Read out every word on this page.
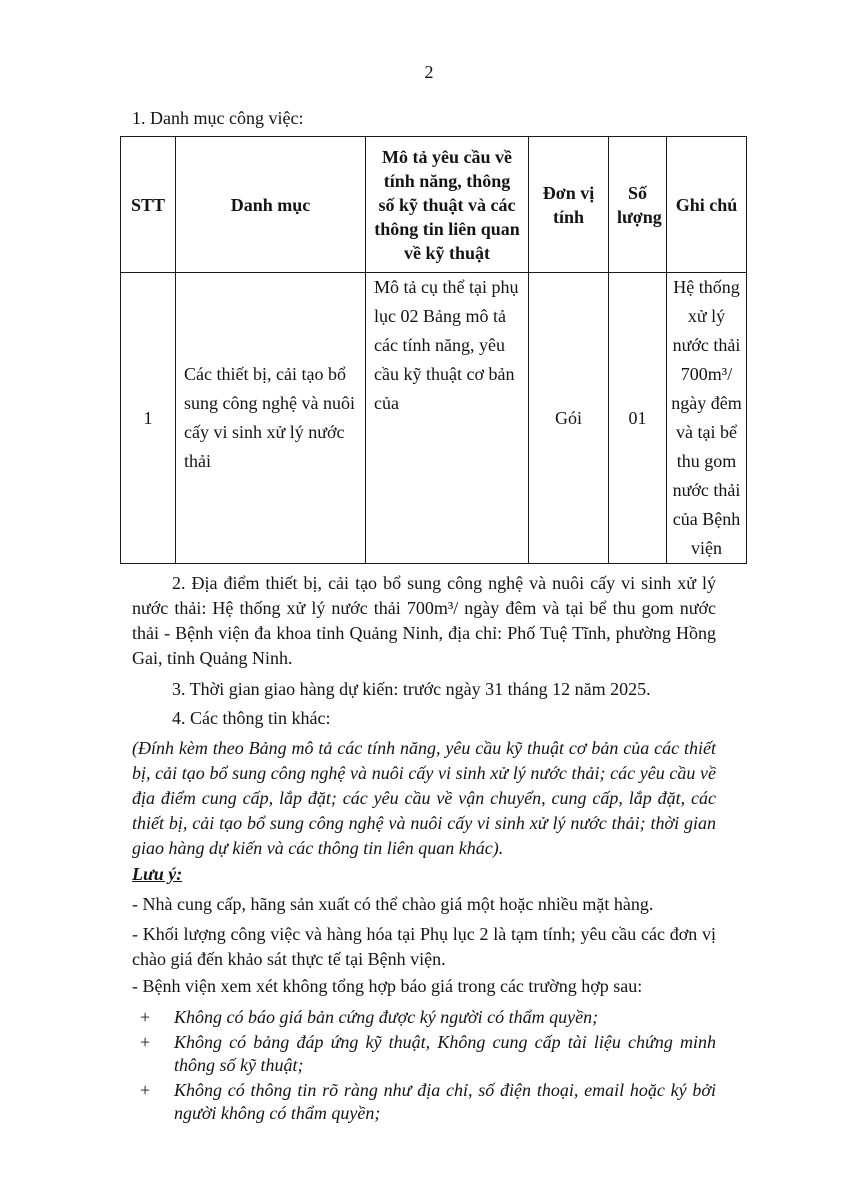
2
1. Danh mục công việc:
STT	Danh mục	Mô tả yêu cầu về tính năng, thông số kỹ thuật và các thông tin liên quan về kỹ thuật	Đơn vị tính	Số lượng	Ghi chú
1	Các thiết bị, cải tạo bổ sung công nghệ và nuôi cấy vi sinh xử lý nước thải	Mô tả cụ thể tại phụ lục 02 Bảng mô tả các tính năng, yêu cầu kỹ thuật cơ bản của	Gói	01	Hệ thống xử lý nước thải 700m³/ ngày đêm và tại bể thu gom nước thải của Bệnh viện
2. Địa điểm thiết bị, cải tạo bổ sung công nghệ và nuôi cấy vi sinh xử lý nước thải: Hệ thống xử lý nước thải 700m³/ ngày đêm và tại bể thu gom nước thải - Bệnh viện đa khoa tỉnh Quảng Ninh, địa chỉ: Phố Tuệ Tĩnh, phường Hồng Gai, tỉnh Quảng Ninh.
3. Thời gian giao hàng dự kiến: trước ngày 31 tháng 12 năm 2025.
4. Các thông tin khác:
(Đính kèm theo Bảng mô tả các tính năng, yêu cầu kỹ thuật cơ bản của các thiết bị, cải tạo bổ sung công nghệ và nuôi cấy vi sinh xử lý nước thải; các yêu cầu về địa điểm cung cấp, lắp đặt; các yêu cầu về vận chuyển, cung cấp, lắp đặt, các thiết bị, cải tạo bổ sung công nghệ và nuôi cấy vi sinh xử lý nước thải; thời gian giao hàng dự kiến và các thông tin liên quan khác).
Lưu ý:
- Nhà cung cấp, hãng sản xuất có thể chào giá một hoặc nhiều mặt hàng.
- Khối lượng công việc và hàng hóa tại Phụ lục 2 là tạm tính; yêu cầu các đơn vị chào giá đến khảo sát thực tế tại Bệnh viện.
- Bệnh viện xem xét không tổng hợp báo giá trong các trường hợp sau:
+	Không có báo giá bản cứng được ký người có thẩm quyền;
+	Không có bảng đáp ứng kỹ thuật, Không cung cấp tài liệu chứng minh thông số kỹ thuật;
+	Không có thông tin rõ ràng như địa chỉ, số điện thoại, email hoặc ký bởi người không có thẩm quyền;
